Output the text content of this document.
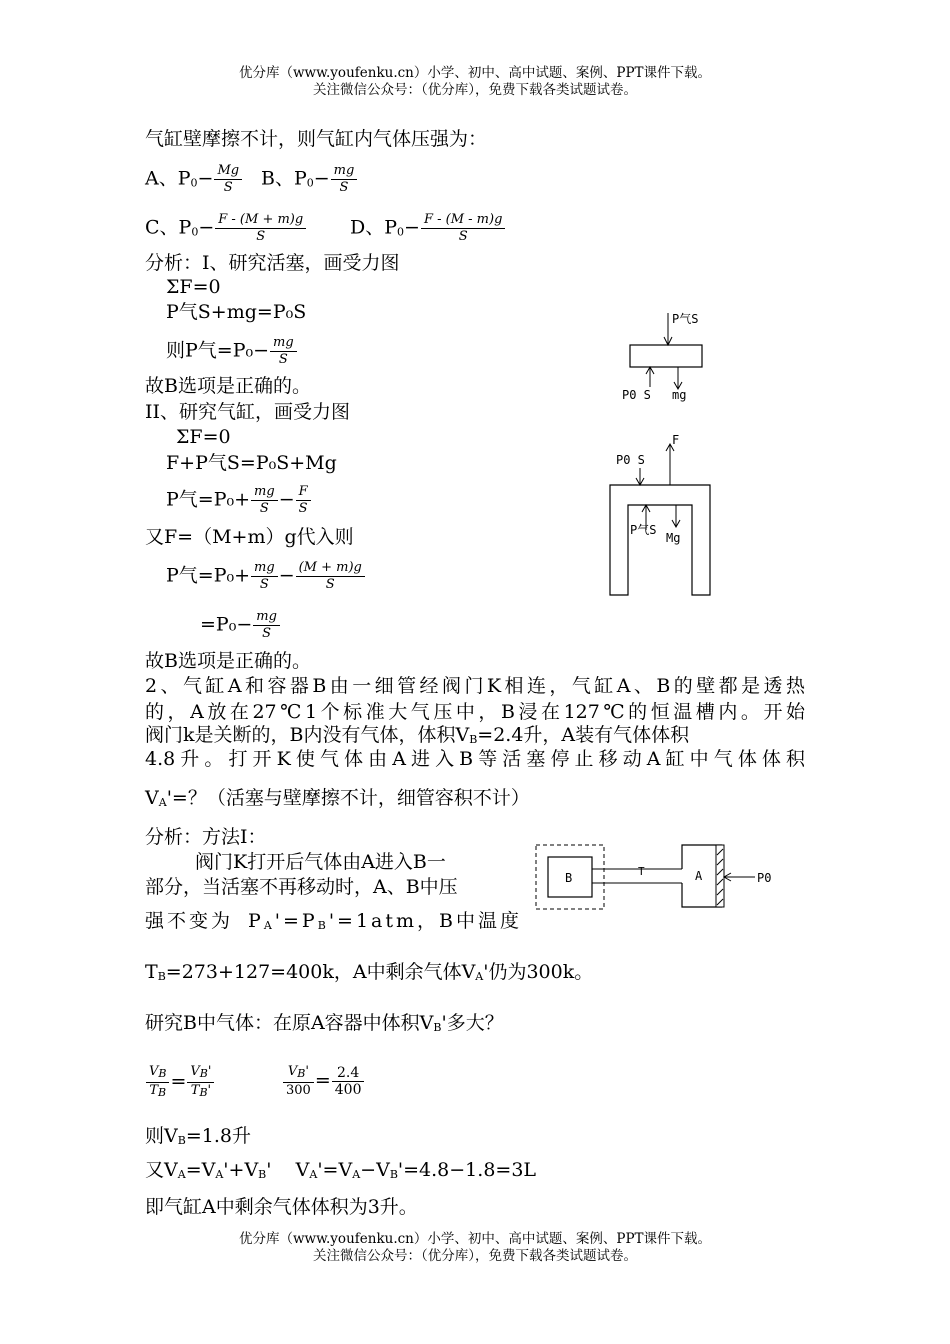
优分库（www.youfenku.cn）小学、初中、高中试题、案例、PPT课件下载。
关注微信公众号：（优分库），免费下载各类试题试卷。
气缸壁摩擦不计，则气缸内气体压强为：
A、$P_0- \frac{Mg}{S}$ B、$P_0- \frac{mg}{S}$
C、$P_0- \frac{F - (M + m)g}{S}$ D、$P_0- \frac{F - (M - m)g}{S}$
分析：I、研究活塞，画受力图
ΣF=0
P气S+mg=P₀S
则P气$=P_0- \frac{mg}{S}$
故B选项是正确的。
II、研究气缸，画受力图
ΣF=0
F+P气S=P₀S+Mg
P气$=P_0+ \frac{mg}{S} - \frac{F}{S}$
又F=（M+m）g代入则
P气$=P_0+ \frac{mg}{S} - \frac{(M + m)g}{S}$
$=P_0- \frac{mg}{S}$
故B选项是正确的。
P气S
P0 S mg
F
P0 S
P气S
Mg
2、气缸A和容器B由一细管经阀门K相连，气缸A、B的壁都是透热
的，A放在27℃1个标准大气压中，B浸在127℃的恒温槽内。开始
阀门k是关断的，B内没有气体，体积$V_B=2.4$升，A装有气体体积
4.8升。打开K使气体由A进入B等活塞停止移动A缸中气体体积
$V_A'=$？（活塞与壁摩擦不计，细管容积不计）
分析：方法I：
阀门K打开后气体由A进入B一
部分，当活塞不再移动时，A、B中压
强不变为 $P_A'=P_B'=1atm$，B中温度
B	T	A	P0
$T_B=273+127=400k$，A中剩余气体$V_A'$仍为300k。
研究B中气体：在原A容器中体积$V_B'$多大？
$\frac{V_B}{T_B} = \frac{V_B'}{T_B'}$	$\frac{V_B'}{300} = \frac{2.4}{400}$
则$V_B=1.8$升
又$V_A=V_A'+V_B'$    $V_A'=V_A-V_B'=4.8-1.8=3L$
即气缸A中剩余气体体积为3升。
优分库（www.youfenku.cn）小学、初中、高中试题、案例、PPT课件下载。
关注微信公众号：（优分库），免费下载各类试题试卷。
